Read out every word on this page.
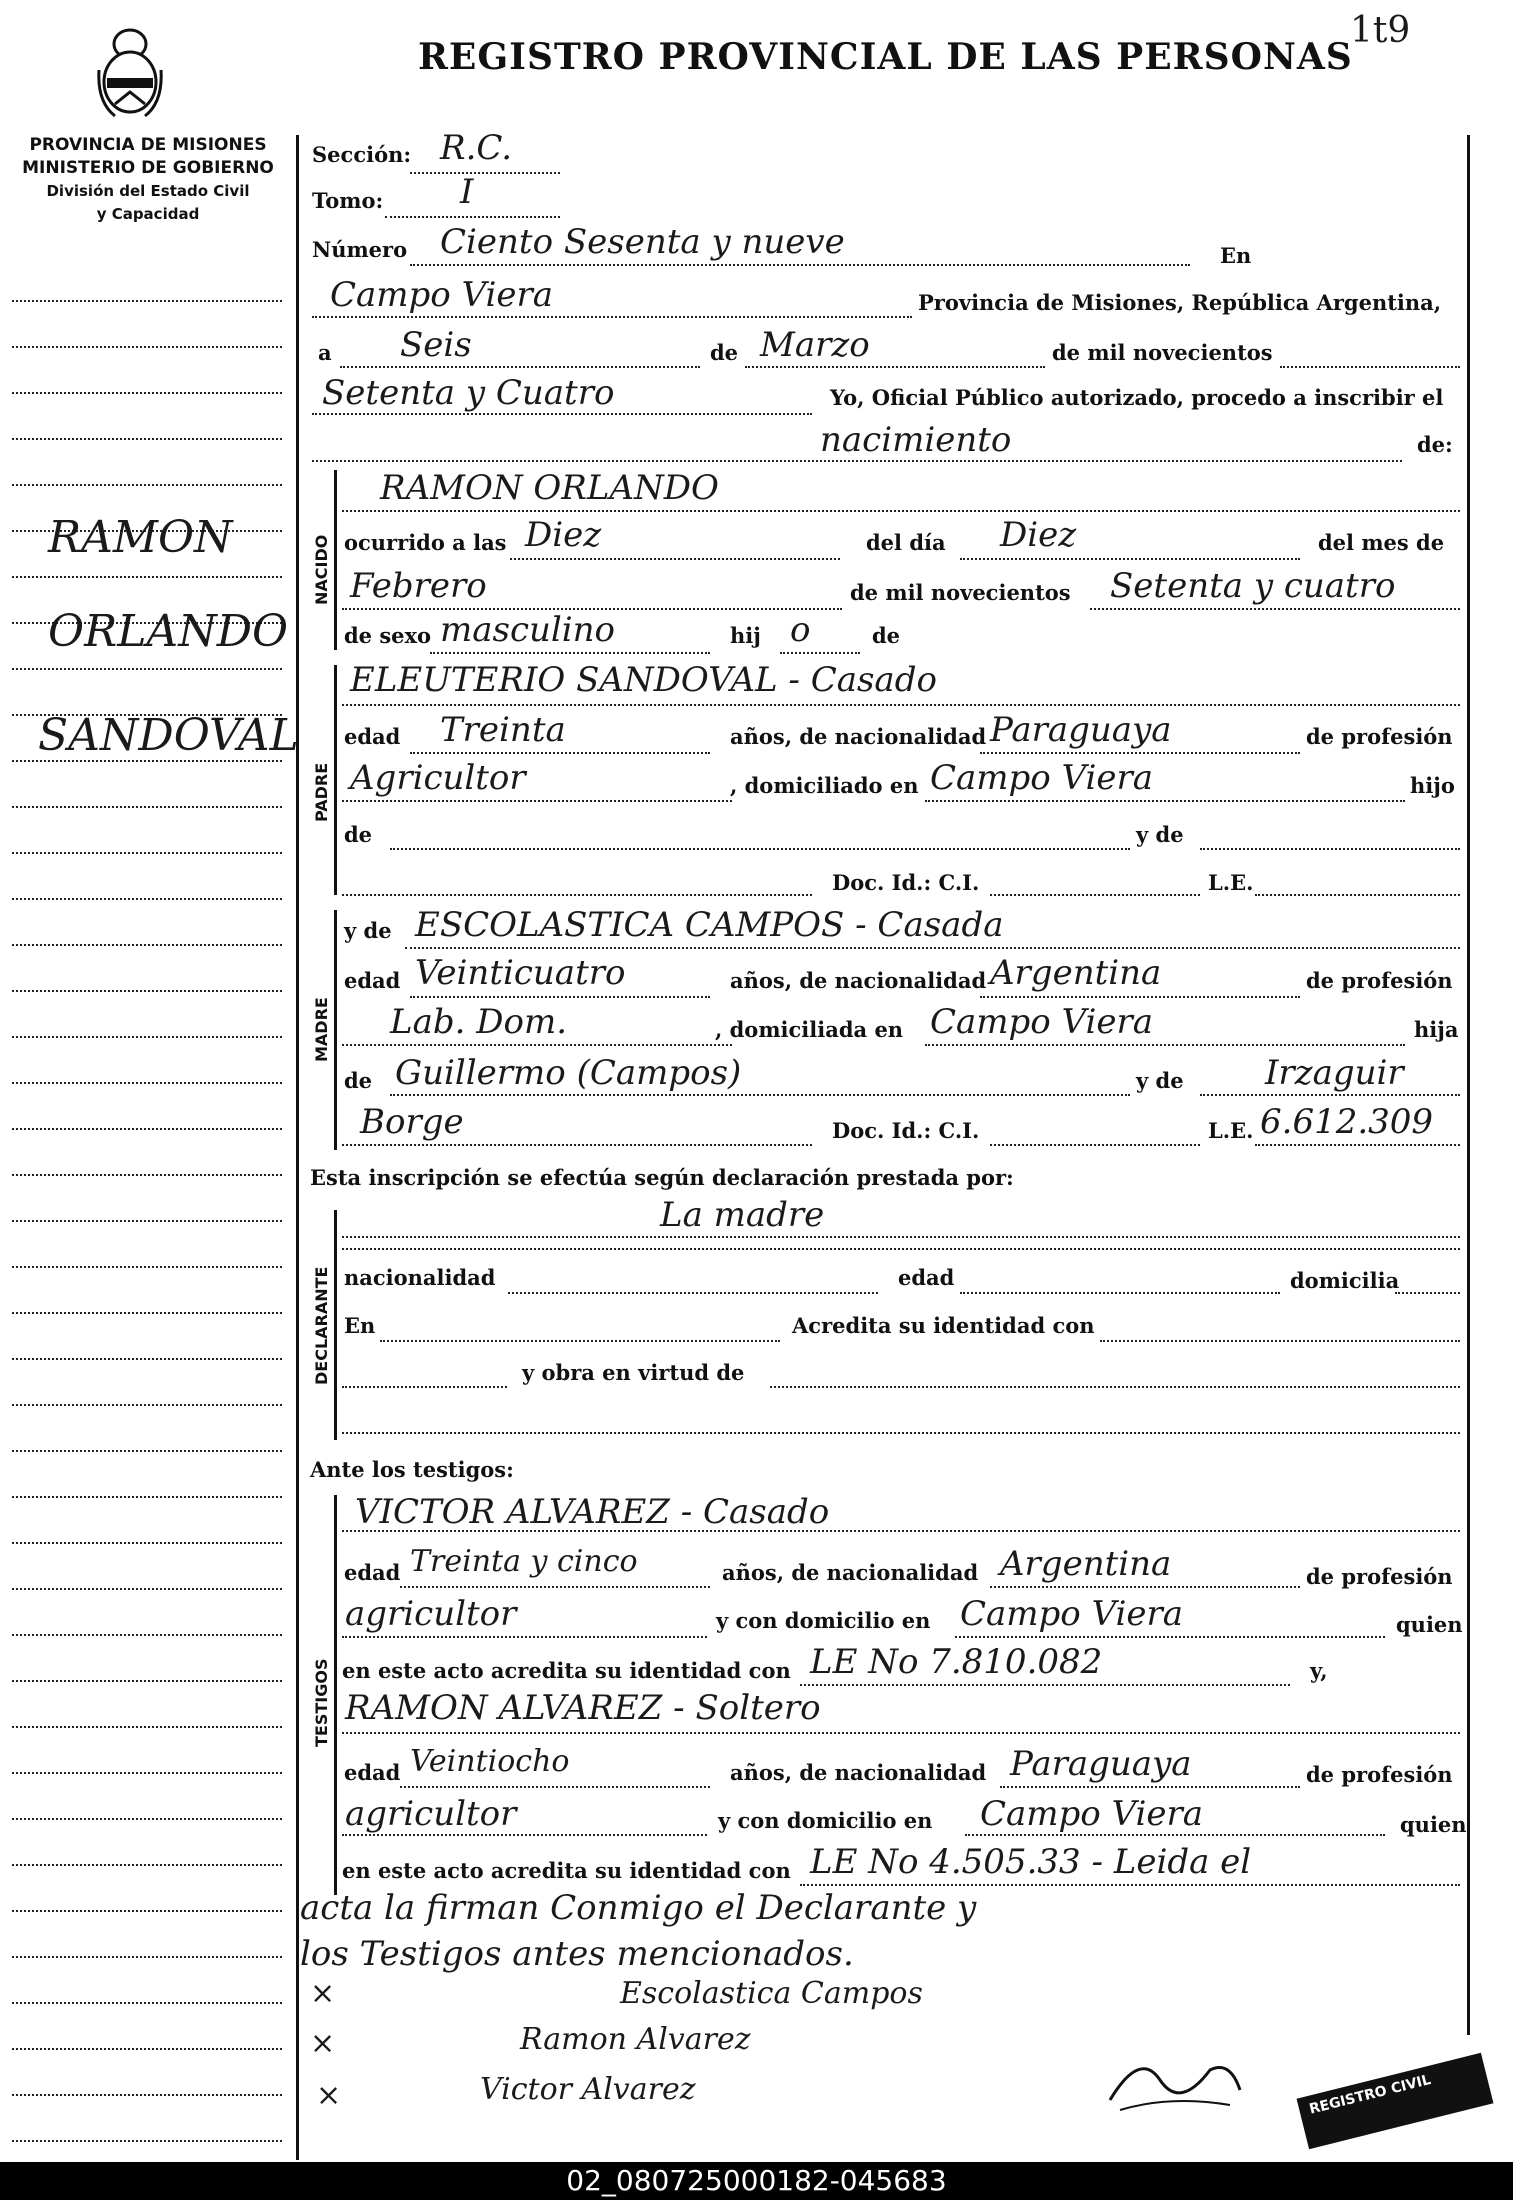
REGISTRO PROVINCIAL DE LAS PERSONAS
1t9
PROVINCIA DE MISIONES
MINISTERIO DE GOBIERNO
División del Estado Civil
y Capacidad
RAMON
ORLANDO
SANDOVAL
NACIDO
PADRE
MADRE
DECLARANTE
TESTIGOS
Sección: R.C.
Tomo: I
Número Ciento Sesenta y nueve	En
Campo Viera	Provincia de Misiones, República Argentina,
a Seis	de Marzo	de mil novecientos
Setenta y Cuatro	Yo, Oficial Público autorizado, procedo a inscribir el
nacimiento	de:
RAMON ORLANDO
ocurrido a las Diez	del día Diez	del mes de
Febrero	de mil novecientos Setenta y cuatro
de sexo masculino	hij o	de
ELEUTERIO SANDOVAL - Casado
edad Treinta	años, de nacionalidad Paraguaya	de profesión
Agricultor	, domiciliado en Campo Viera	hijo
de	y de
Doc. Id.: C.I.	L.E.
y de ESCOLASTICA CAMPOS - Casada
edad Veinticuatro	años, de nacionalidad Argentina	de profesión
Lab. Dom.	, domiciliada en Campo Viera	hija
de Guillermo (Campos)	y de Irzaguir
Borge	Doc. Id.: C.I.	L.E. 6.612.309
Esta inscripción se efectúa según declaración prestada por:
La madre
nacionalidad	edad	domicilia
En	Acredita su identidad con
y obra en virtud de
Ante los testigos:
VICTOR ALVAREZ - Casado
edad Treinta y cinco	años, de nacionalidad Argentina	de profesión
agricultor	y con domicilio en Campo Viera	quien
en este acto acredita su identidad con LE No 7.810.082	y,
RAMON ALVAREZ - Soltero
edad Veintiocho	años, de nacionalidad Paraguaya	de profesión
agricultor	y con domicilio en Campo Viera	quien
en este acto acredita su identidad con LE No 4.505.33 - Leida el
acta la firman Conmigo el Declarante y
los Testigos antes mencionados.
×	Escolastica Campos
×	Ramon Alvarez
×	Victor Alvarez	REGISTRO CIVIL
02_080725000182-045683
